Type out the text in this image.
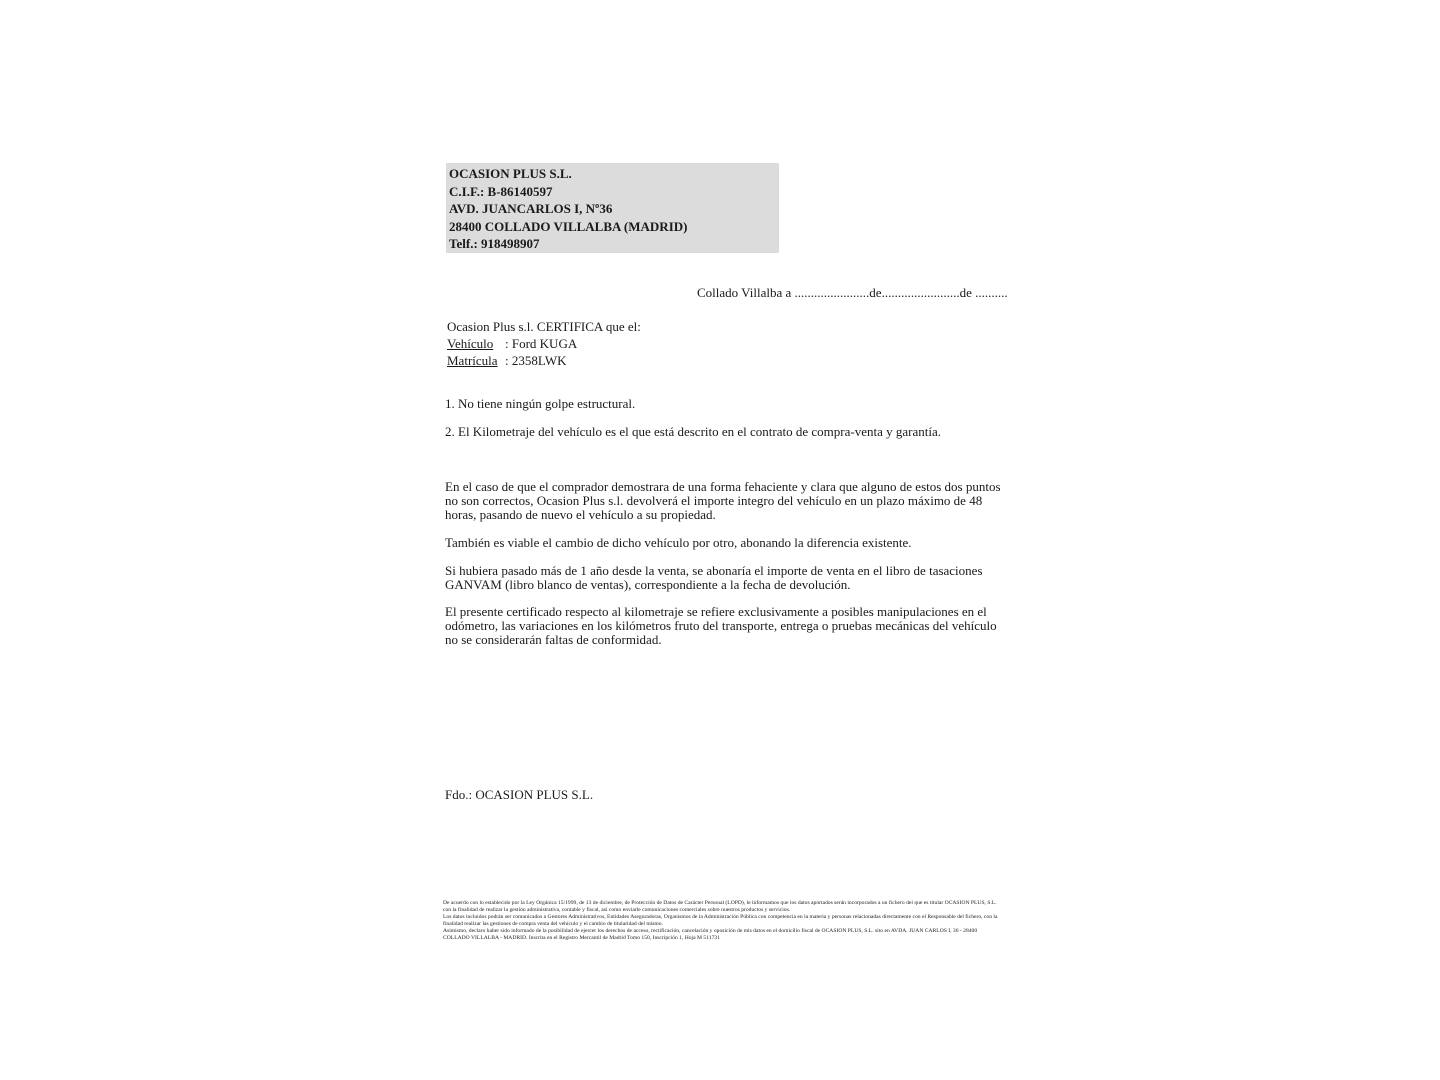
OCASION PLUS S.L.
C.I.F.: B-86140597
AVD. JUANCARLOS I, Nº36
28400 COLLADO VILLALBA (MADRID)
Telf.: 918498907
Collado Villalba a .......................de........................de ..........
Ocasion Plus s.l. CERTIFICA que el:
Vehículo : Ford KUGA
Matrícula : 2358LWK
1. No tiene ningún golpe estructural.
2. El Kilometraje del vehículo es el que está descrito en el contrato de compra-venta y garantía.

En el caso de que el comprador demostrara de una forma fehaciente y clara que alguno de estos dos puntos no son correctos, Ocasion Plus s.l. devolverá el importe integro del vehículo en un plazo máximo de 48 horas, pasando de nuevo el vehículo a su propiedad.

También es viable el cambio de dicho vehículo por otro, abonando la diferencia existente.

Si hubiera pasado más de 1 año desde la venta, se abonaría el importe de venta en el libro de tasaciones GANVAM (libro blanco de ventas), correspondiente a la fecha de devolución.

El presente certificado respecto al kilometraje se refiere exclusivamente a posibles manipulaciones en el odómetro, las variaciones en los kilómetros fruto del transporte, entrega o pruebas mecánicas del vehículo no se considerarán faltas de conformidad.

Fdo.: OCASION PLUS S.L.

De acuerdo con lo establecido por la Ley Orgánica 15/1999, de 13 de diciembre, de Protección de Datos de Carácter Personal (LOPD), le informamos que los datos aportados serán incorporados a un fichero del que es titular OCASION PLUS, S.L. con la finalidad de realizar la gestión administrativa, contable y fiscal, así como enviarle comunicaciones comerciales sobre nuestros productos y servicios.

Los datos incluidos podrán ser comunicados a Gestores Administrativos, Entidades Aseguradoras, Organismos de la Administración Pública con competencia en la materia y personas relacionadas directamente con el Responsable del fichero, con la finalidad realizar las gestiones de compra venta del vehículo y el cambio de titularidad del mismo.

Asimismo, declaro haber sido informado de la posibilidad de ejercer los derechos de acceso, rectificación, cancelación y oposición de mis datos en el domicilio fiscal de OCASION PLUS, S.L. sito en AVDA. JUAN CARLOS I, 36 - 28400 COLLADO VILLALBA - MADRID. Inscrita en el Registro Mercantil de Madrid Tomo 150, Inscripción 1, Hoja M 511731
